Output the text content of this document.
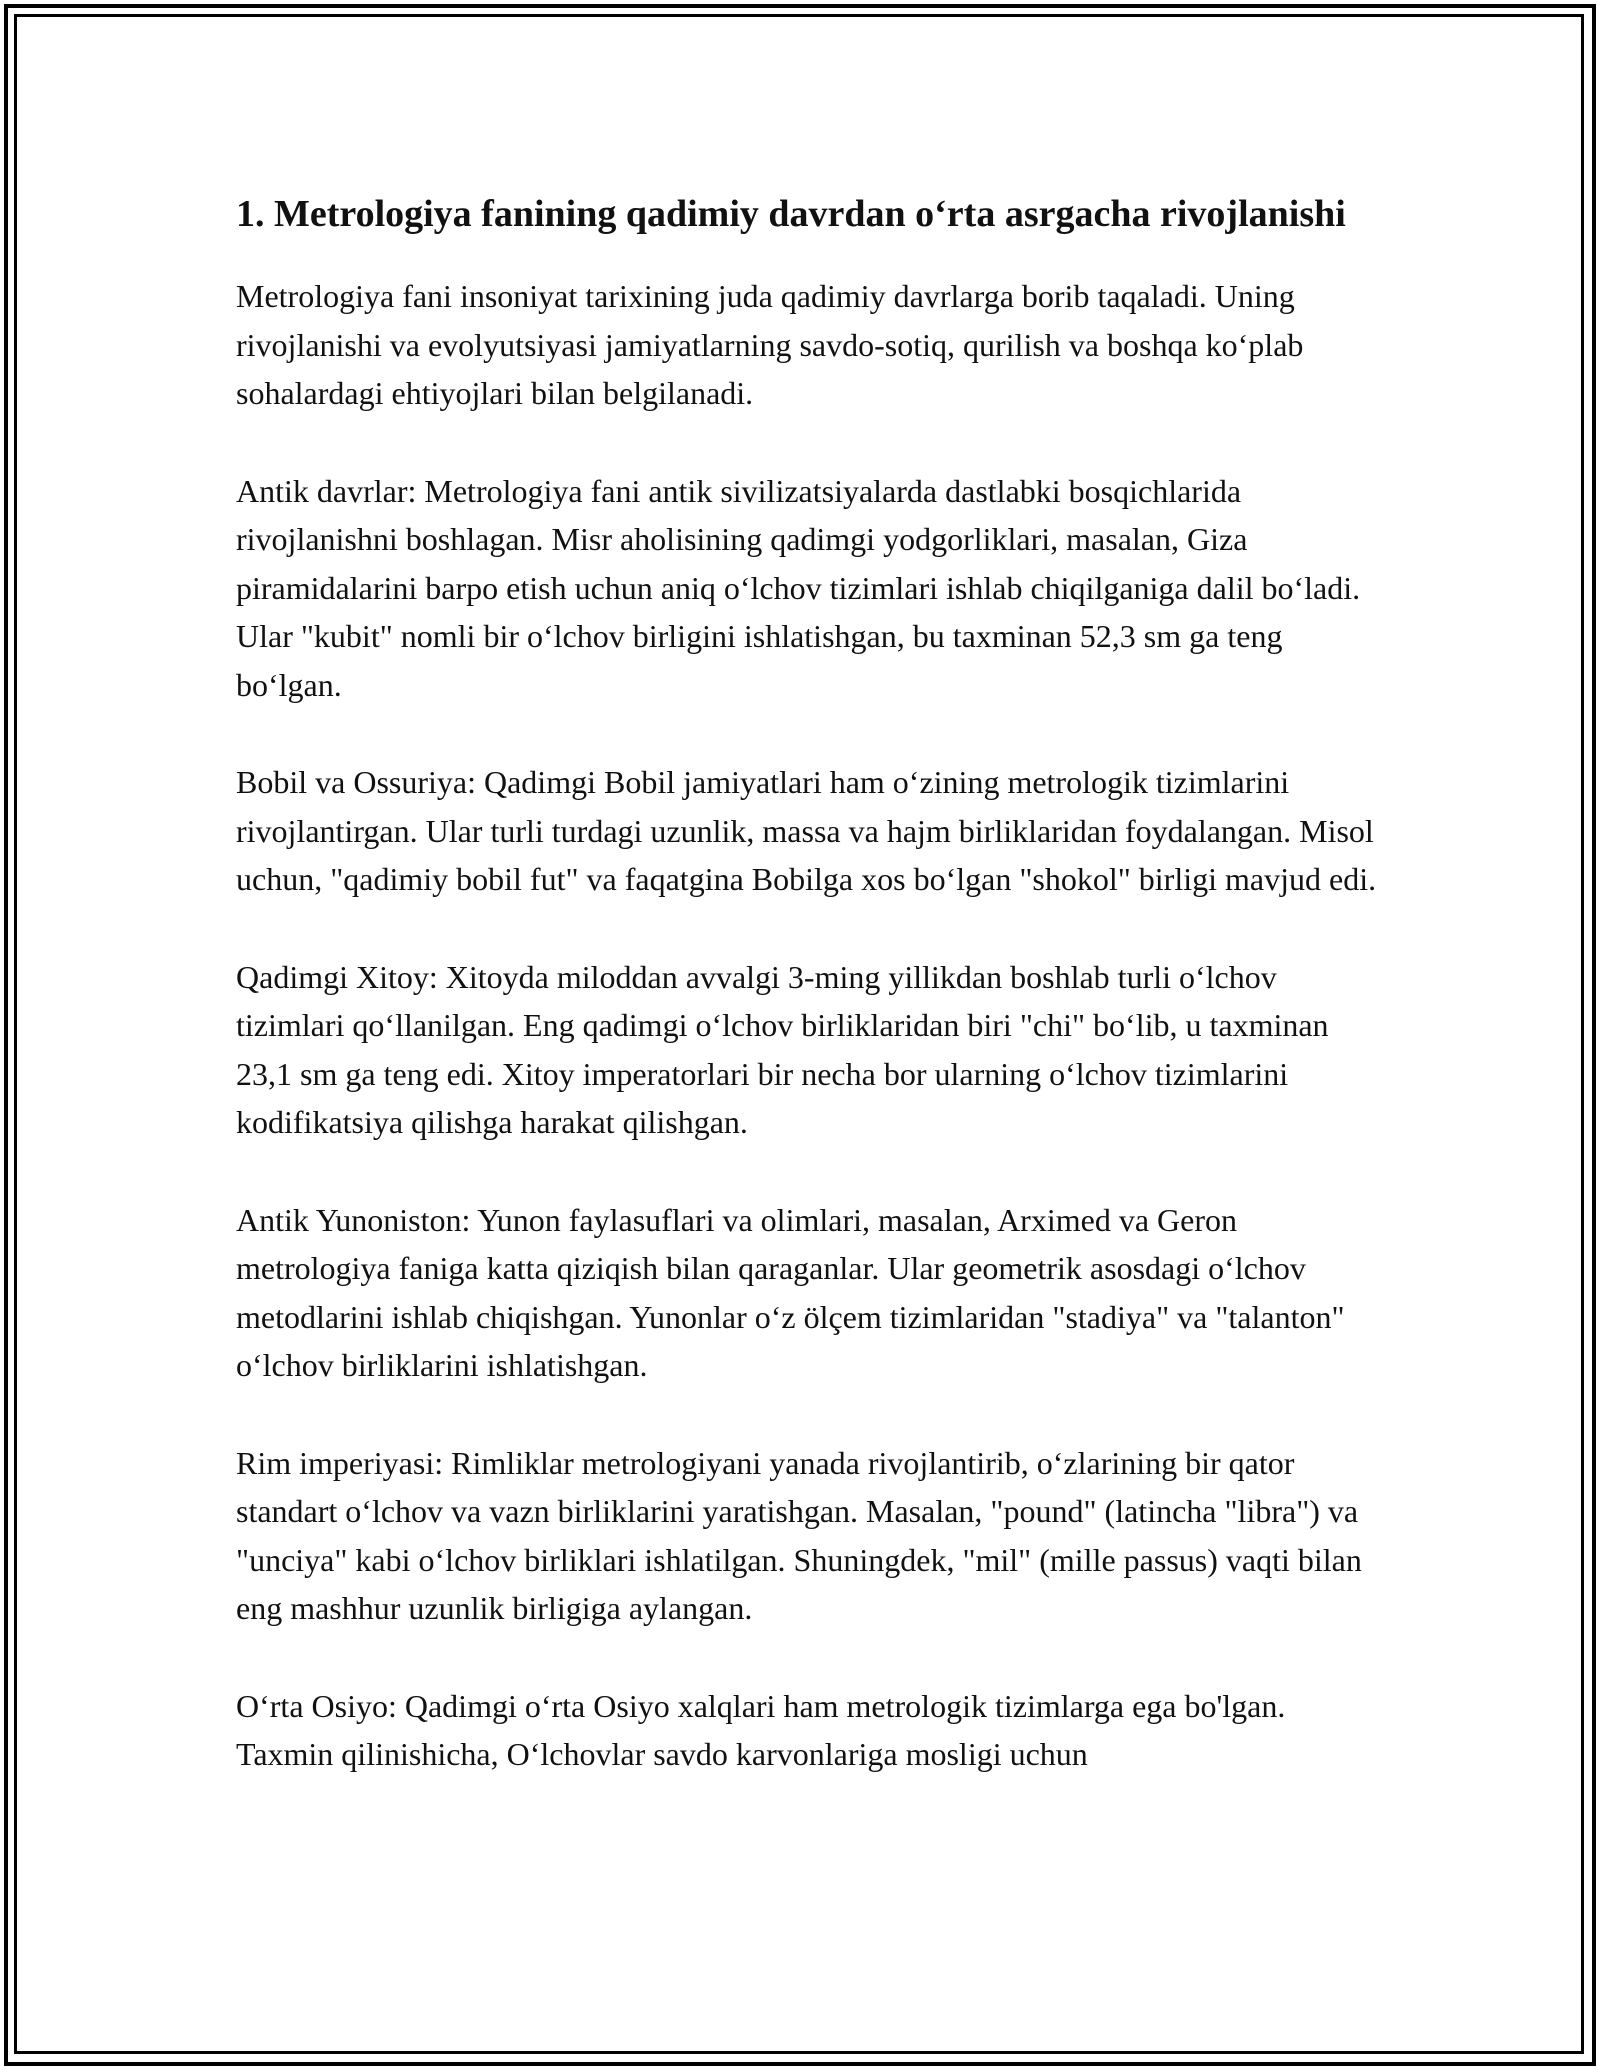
1. Metrologiya fanining qadimiy davrdan o‘rta asrgacha rivojlanishi

Metrologiya fani insoniyat tarixining juda qadimiy davrlarga borib taqaladi. Uning rivojlanishi va evolyutsiyasi jamiyatlarning savdo-sotiq, qurilish va boshqa ko‘plab sohalardagi ehtiyojlari bilan belgilanadi.

Antik davrlar: Metrologiya fani antik sivilizatsiyalarda dastlabki bosqichlarida rivojlanishni boshlagan. Misr aholisining qadimgi yodgorliklari, masalan, Giza piramidalarini barpo etish uchun aniq o‘lchov tizimlari ishlab chiqilganiga dalil bo‘ladi. Ular "kubit" nomli bir o‘lchov birligini ishlatishgan, bu taxminan 52,3 sm ga teng bo‘lgan.

Bobil va Ossuriya: Qadimgi Bobil jamiyatlari ham o‘zining metrologik tizimlarini rivojlantirgan. Ular turli turdagi uzunlik, massa va hajm birliklaridan foydalangan. Misol uchun, "qadimiy bobil fut" va faqatgina Bobilga xos bo‘lgan "shokol" birligi mavjud edi.

Qadimgi Xitoy: Xitoyda miloddan avvalgi 3-ming yillikdan boshlab turli o‘lchov tizimlari qo‘llanilgan. Eng qadimgi o‘lchov birliklaridan biri "chi" bo‘lib, u taxminan 23,1 sm ga teng edi. Xitoy imperatorlari bir necha bor ularning o‘lchov tizimlarini kodifikatsiya qilishga harakat qilishgan.

Antik Yunoniston: Yunon faylasuflari va olimlari, masalan, Arximed va Geron metrologiya faniga katta qiziqish bilan qaraganlar. Ular geometrik asosdagi o‘lchov metodlarini ishlab chiqishgan. Yunonlar o‘z ölçem tizimlaridan "stadiya" va "talanton" o‘lchov birliklarini ishlatishgan.

Rim imperiyasi: Rimliklar metrologiyani yanada rivojlantirib, o‘zlarining bir qator standart o‘lchov va vazn birliklarini yaratishgan. Masalan, "pound" (latincha "libra") va "unciya" kabi o‘lchov birliklari ishlatilgan. Shuningdek, "mil" (mille passus) vaqti bilan eng mashhur uzunlik birligiga aylangan.

O‘rta Osiyo: Qadimgi o‘rta Osiyo xalqlari ham metrologik tizimlarga ega bo'lgan. Taxmin qilinishicha, O‘lchovlar savdo karvonlariga mosligi uchun
